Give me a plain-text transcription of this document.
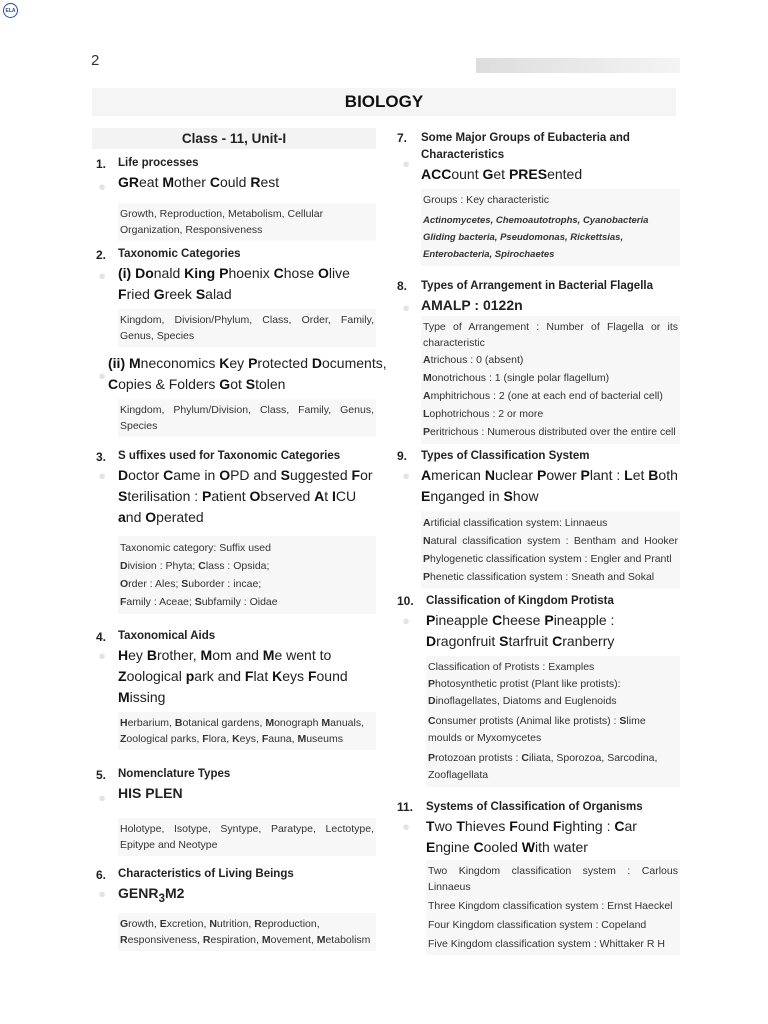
ELA
2
BIOLOGY
Class - 11, Unit-I
1.
●
Life processes
GReat Mother Could Rest
Growth, Reproduction, Metabolism, Cellular Organization, Responsiveness
2.
●
Taxonomic Categories
(i) Donald King Phoenix Chose Olive Fried Greek Salad
Kingdom, Division/Phylum, Class, Order, Family, Genus, Species
(ii) Mneconomics Key Protected Documents, Copies & Folders Got Stolen
●
Kingdom, Phylum/Division, Class, Family, Genus, Species
3.
●
S uffixes used for Taxonomic Categories
Doctor Came in OPD and Suggested For Sterilisation : Patient Observed At ICU and Operated

Taxonomic category: Suffix used

Division : Phyta; Class : Opsida;

Order : Ales; Suborder : incae;

Family : Aceae; Subfamily : Oidae

4.
●
Taxonomical Aids
Hey Brother, Mom and Me went to Zoological park and Flat Keys Found Missing
Herbarium, Botanical gardens, Monograph Manuals, Zoological parks, Flora, Keys, Fauna, Museums
5.
●
Nomenclature Types
HIS PLEN
Holotype, Isotype, Syntype, Paratype, Lectotype, Epitype and Neotype
6.
●
Characteristics of Living Beings
$GENR_3M2$
Growth, Excretion, Nutrition, Reproduction, Responsiveness, Respiration, Movement, Metabolism
7.
●
Some Major Groups of Eubacteria and Characteristics
ACCount Get PRESented

Groups : Key characteristic

Actinomycetes, Chemoautotrophs, Cyanobacteria

Gliding bacteria, Pseudomonas, Rickettsias,

Enterobacteria, Spirochaetes

8.
●
Types of Arrangement in Bacterial Flagella
AMALP : 0122n

Type of Arrangement : Number of Flagella or its characteristic

Atrichous : 0 (absent)

Monotrichous : 1 (single polar flagellum)

Amphitrichous : 2 (one at each end of bacterial cell)

Lophotrichous : 2 or more

Peritrichous : Numerous distributed over the entire cell

9.
●
Types of Classification System
American Nuclear Power Plant : Let Both Enganged in Show

Artificial classification system: Linnaeus

Natural classification system : Bentham and Hooker Phylogenetic classification system : Engler and Prantl

Phenetic classification system : Sneath and Sokal

10.
●
Classification of Kingdom Protista
Pineapple Cheese Pineapple : Dragonfruit Starfruit Cranberry

Classification of Protists : Examples

Photosynthetic protist (Plant like protists): Dinoflagellates, Diatoms and Euglenoids

Consumer protists (Animal like protists) : Slime moulds or Myxomycetes

Protozoan protists : Ciliata, Sporozoa, Sarcodina, Zooflagellata

11.
●
Systems of Classification of Organisms
Two Thieves Found Fighting : Car Engine Cooled With water

Two Kingdom classification system : Carlous Linnaeus

Three Kingdom classification system : Ernst Haeckel

Four Kingdom classification system : Copeland

Five Kingdom classification system : Whittaker R H
